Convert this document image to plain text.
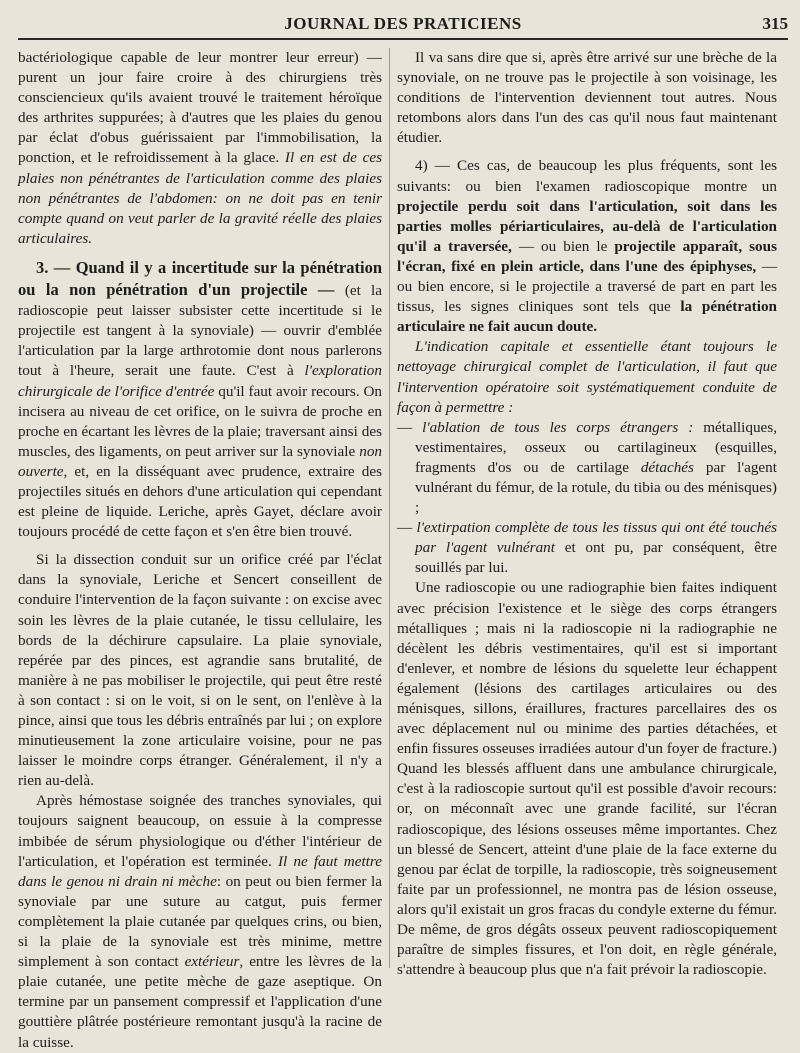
JOURNAL DES PRATICIENS	315

bactériologique capable de leur montrer leur erreur) — purent un jour faire croire à des chirurgiens très consciencieux qu'ils avaient trouvé le traitement héroïque des arthrites suppurées; à d'autres que les plaies du genou par éclat d'obus guérissaient par l'immobilisation, la ponction, et le refroidissement à la glace. Il en est de ces plaies non pénétrantes de l'articulation comme des plaies non pénétrantes de l'abdomen: on ne doit pas en tenir compte quand on veut parler de la gravité réelle des plaies articulaires.

3. — Quand il y a incertitude sur la pénétration ou la non pénétration d'un projectile — (et la radioscopie peut laisser subsister cette incertitude si le projectile est tangent à la synoviale) — ouvrir d'emblée l'articulation par la large arthrotomie dont nous parlerons tout à l'heure, serait une faute. C'est à l'exploration chirurgicale de l'orifice d'entrée qu'il faut avoir recours. On incisera au niveau de cet orifice, on le suivra de proche en proche en écartant les lèvres de la plaie; traversant ainsi des muscles, des ligaments, on peut arriver sur la synoviale non ouverte, et, en la disséquant avec prudence, extraire des projectiles situés en dehors d'une articulation qui cependant est pleine de liquide. Leriche, après Gayet, déclare avoir toujours procédé de cette façon et s'en être bien trouvé.

Si la dissection conduit sur un orifice créé par l'éclat dans la synoviale, Leriche et Sencert conseillent de conduire l'intervention de la façon suivante : on excise avec soin les lèvres de la plaie cutanée, le tissu cellulaire, les bords de la déchirure capsulaire. La plaie synoviale, repérée par des pinces, est agrandie sans brutalité, de manière à ne pas mobiliser le projectile, qui peut être resté à son contact : si on le voit, si on le sent, on l'enlève à la pince, ainsi que tous les débris entraînés par lui ; on explore minutieusement la zone articulaire voisine, pour ne pas laisser le moindre corps étranger. Généralement, il n'y a rien au-delà.

Après hémostase soignée des tranches synoviales, qui toujours saignent beaucoup, on essuie à la compresse imbibée de sérum physiologique ou d'éther l'intérieur de l'articulation, et l'opération est terminée. Il ne faut mettre dans le genou ni drain ni mèche: on peut ou bien fermer la synoviale par une suture au catgut, puis fermer complètement la plaie cutanée par quelques crins, ou bien, si la plaie de la synoviale est très minime, mettre simplement à son contact extérieur, entre les lèvres de la plaie cutanée, une petite mèche de gaze aseptique. On termine par un pansement compressif et l'application d'une gouttière plâtrée postérieure remontant jusqu'à la racine de la cuisse.

Il va sans dire que si, après être arrivé sur une brèche de la synoviale, on ne trouve pas le projectile à son voisinage, les conditions de l'intervention deviennent tout autres. Nous retombons alors dans l'un des cas qu'il nous faut maintenant étudier.

4) — Ces cas, de beaucoup les plus fréquents, sont les suivants: ou bien l'examen radioscopique montre un projectile perdu soit dans l'articulation, soit dans les parties molles périarticulaires, au-delà de l'articulation qu'il a traversée, — ou bien le projectile apparaît, sous l'écran, fixé en plein article, dans l'une des épiphyses, — ou bien encore, si le projectile a traversé de part en part les tissus, les signes cliniques sont tels que la pénétration articulaire ne fait aucun doute.

L'indication capitale et essentielle étant toujours le nettoyage chirurgical complet de l'articulation, il faut que l'intervention opératoire soit systématiquement conduite de façon à permettre :

— l'ablation de tous les corps étrangers : métalliques, vestimentaires, osseux ou cartilagineux (esquilles, fragments d'os ou de cartilage détachés par l'agent vulnérant du fémur, de la rotule, du tibia ou des ménisques) ;

— l'extirpation complète de tous les tissus qui ont été touchés par l'agent vulnérant et ont pu, par conséquent, être souillés par lui.

Une radioscopie ou une radiographie bien faites indiquent avec précision l'existence et le siège des corps étrangers métalliques ; mais ni la radioscopie ni la radiographie ne décèlent les débris vestimentaires, qu'il est si important d'enlever, et nombre de lésions du squelette leur échappent également (lésions des cartilages articulaires ou des ménisques, sillons, éraillures, fractures parcellaires des os avec déplacement nul ou minime des parties détachées, et enfin fissures osseuses irradiées autour d'un foyer de fracture.) Quand les blessés affluent dans une ambulance chirurgicale, c'est à la radioscopie surtout qu'il est possible d'avoir recours: or, on méconnaît avec une grande facilité, sur l'écran radioscopique, des lésions osseuses même importantes. Chez un blessé de Sencert, atteint d'une plaie de la face externe du genou par éclat de torpille, la radioscopie, très soigneusement faite par un professionnel, ne montra pas de lésion osseuse, alors qu'il existait un gros fracas du condyle externe du fémur. De même, de gros dégâts osseux peuvent radioscopiquement paraître de simples fissures, et l'on doit, en règle générale, s'attendre à beaucoup plus que n'a fait prévoir la radioscopie.
